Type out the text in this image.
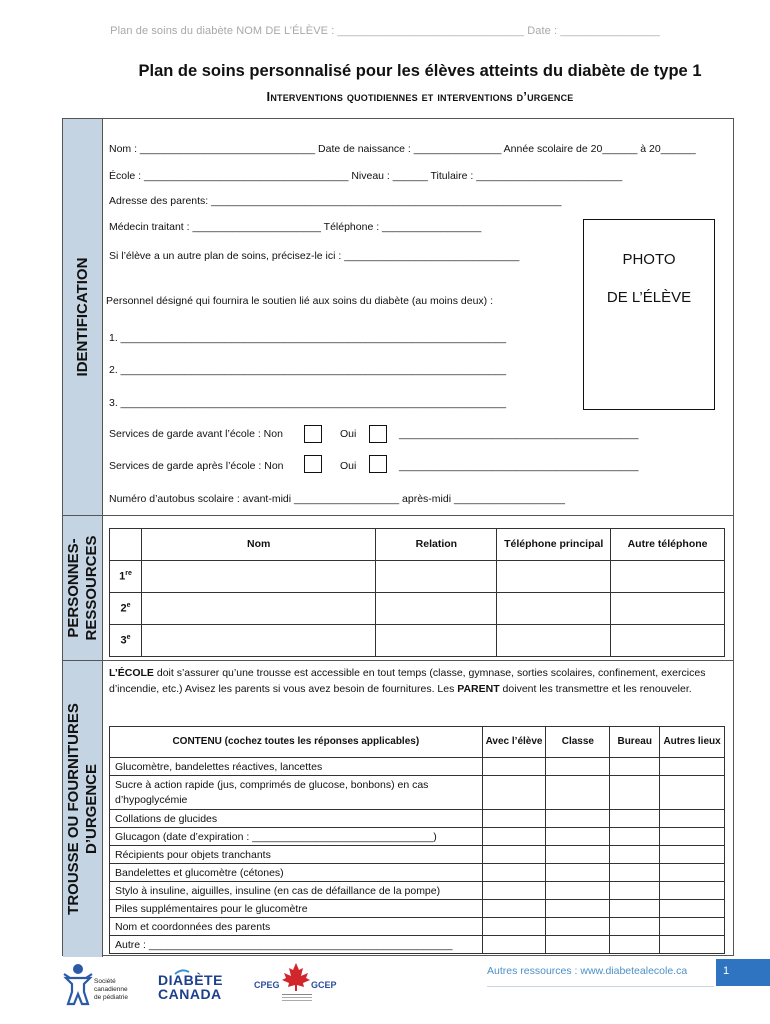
Plan de soins du diabète NOM DE L’ÉLÈVE : ______________________________ Date : ________________
Plan de soins personnalisé pour les élèves atteints du diabète de type 1
Interventions quotidiennes et interventions d’urgence
IDENTIFICATION
PERSONNES- RESSOURCES
TROUSSE OU FOURNITURES D’URGENCE
Nom : ______________________________ Date de naissance : _______________ Année scolaire de 20______ à 20______
École : ___________________________________ Niveau : ______ Titulaire : _________________________
Adresse des parents: ____________________________________________________________
Médecin traitant : ______________________ Téléphone : _________________
Si l’élève a un autre plan de soins, précisez-le ici : ______________________________
Personnel désigné qui fournira le soutien lié aux soins du diabète (au moins deux) :
1. __________________________________________________________________
2. __________________________________________________________________
3. __________________________________________________________________
Services de garde avant l’école : Non	Oui	_________________________________________
Services de garde après l’école : Non	Oui	_________________________________________
Numéro d’autobus scolaire : avant-midi __________________ après-midi ___________________
PHOTO
DE L’ÉLÈVE
	Nom	Relation	Téléphone principal	Autre téléphone
1re				
2e				
3e				
L’ÉCOLE doit s’assurer qu’une trousse est accessible en tout temps (classe, gymnase, sorties scolaires, confinement, exercices d’incendie, etc.) Avisez les parents si vous avez besoin de fournitures. Les PARENT doivent les transmettre et les renouveler.
CONTENU (cochez toutes les réponses applicables)	Avec l’élève	Classe	Bureau	Autres lieux
Glucomètre, bandelettes réactives, lancettes				
Sucre à action rapide (jus, comprimés de glucose, bonbons) en cas d’hypoglycémie				
Collations de glucides				
Glucagon (date d’expiration : _______________________________)				
Récipients pour objets tranchants				
Bandelettes et glucomètre (cétones)				
Stylo à insuline, aiguilles, insuline (en cas de défaillance de la pompe)				
Piles supplémentaires pour le glucomètre				
Nom et coordonnées des parents				
Autre : ____________________________________________________				
Autres ressources : www.diabetealecole.ca	1
Société
canadienne
de pédiatrie
DIABÈTE
CANADA
CPEG	GCEP
